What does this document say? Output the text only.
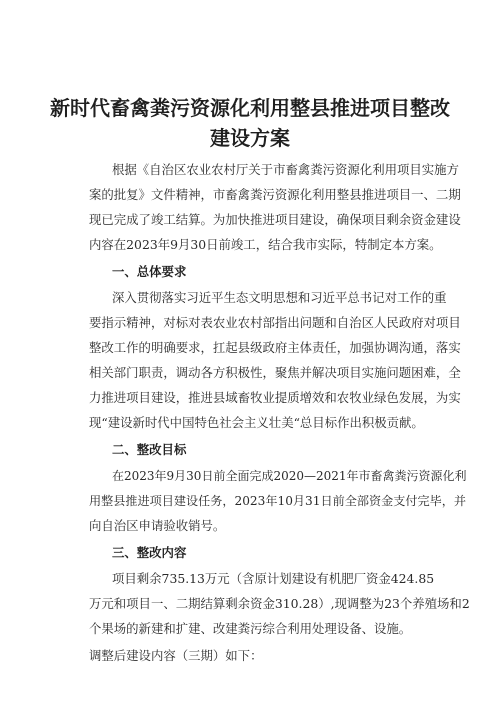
新时代畜禽粪污资源化利用整县推进项目整改
建设方案
根据《自治区农业农村厅关于市畜禽粪污资源化利用项目实施方
案的批复》文件精神，市畜禽粪污资源化利用整县推进项目一、二期
现已完成了竣工结算。为加快推进项目建设，确保项目剩余资金建设
内容在2023年9月30日前竣工，结合我市实际，特制定本方案。
一、总体要求
深入贯彻落实习近平生态文明思想和习近平总书记对工作的重
要指示精神，对标对表农业农村部指出问题和自治区人民政府对项目
整改工作的明确要求，扛起县级政府主体责任，加强协调沟通，落实
相关部门职责，调动各方积极性，聚焦并解决项目实施问题困难，全
力推进项目建设，推进县域畜牧业提质增效和农牧业绿色发展，为实
现“建设新时代中国特色社会主义壮美“总目标作出积极贡献。
二、整改目标
在2023年9月30日前全面完成2020—2021年市畜禽粪污资源化利
用整县推进项目建设任务，2023年10月31日前全部资金支付完毕，并
向自治区申请验收销号。
三、整改内容
项目剩余735.13万元（含原计划建设有机肥厂资金424.85
万元和项目一、二期结算剩余资金310.28）,现调整为23个养殖场和2
个果场的新建和扩建、改建粪污综合利用处理设备、设施。
调整后建设内容（三期）如下：
